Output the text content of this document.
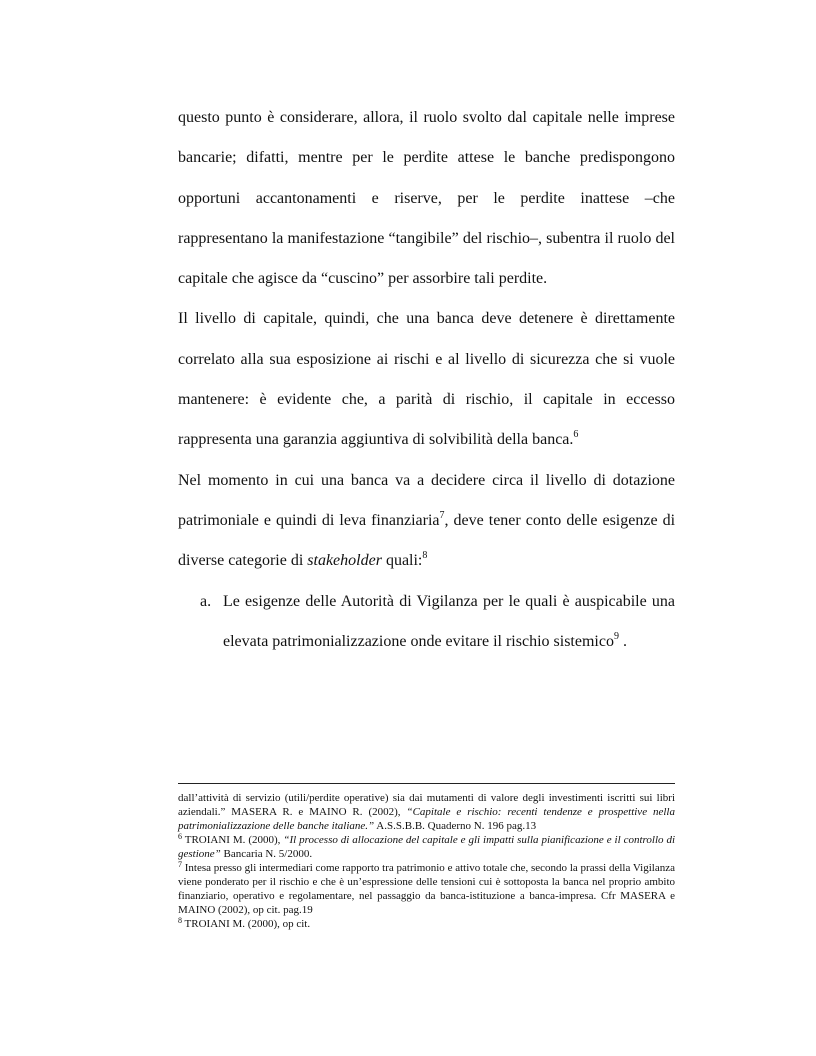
questo punto è considerare, allora, il ruolo svolto dal capitale nelle imprese bancarie; difatti, mentre per le perdite attese le banche predispongono opportuni accantonamenti e riserve, per le perdite inattese –che rappresentano la manifestazione “tangibile” del rischio–, subentra il ruolo del capitale che agisce da “cuscino” per assorbire tali perdite.

Il livello di capitale, quindi, che una banca deve detenere è direttamente correlato alla sua esposizione ai rischi e al livello di sicurezza che si vuole mantenere: è evidente che, a parità di rischio, il capitale in eccesso rappresenta una garanzia aggiuntiva di solvibilità della banca.$^6$

Nel momento in cui una banca va a decidere circa il livello di dotazione patrimoniale e quindi di leva finanziaria$^7$, deve tener conto delle esigenze di diverse categorie di stakeholder quali:$^8$

a. Le esigenze delle Autorità di Vigilanza per le quali è auspicabile una elevata patrimonializzazione onde evitare il rischio sistemico$^9$ .

dall’attività di servizio (utili/perdite operative) sia dai mutamenti di valore degli investimenti iscritti sui libri aziendali.” MASERA R. e MAINO R. (2002), “Capitale e rischio: recenti tendenze e prospettive nella patrimonializzazione delle banche italiane.” A.S.S.B.B. Quaderno N. 196 pag.13

$^6$ TROIANI M. (2000), “Il processo di allocazione del capitale e gli impatti sulla pianificazione e il controllo di gestione” Bancaria N. 5/2000.

$^7$ Intesa presso gli intermediari come rapporto tra patrimonio e attivo totale che, secondo la prassi della Vigilanza viene ponderato per il rischio e che è un’espressione delle tensioni cui è sottoposta la banca nel proprio ambito finanziario, operativo e regolamentare, nel passaggio da banca-istituzione a banca-impresa. Cfr MASERA e MAINO (2002), op cit. pag.19

$^8$ TROIANI M. (2000), op cit.
